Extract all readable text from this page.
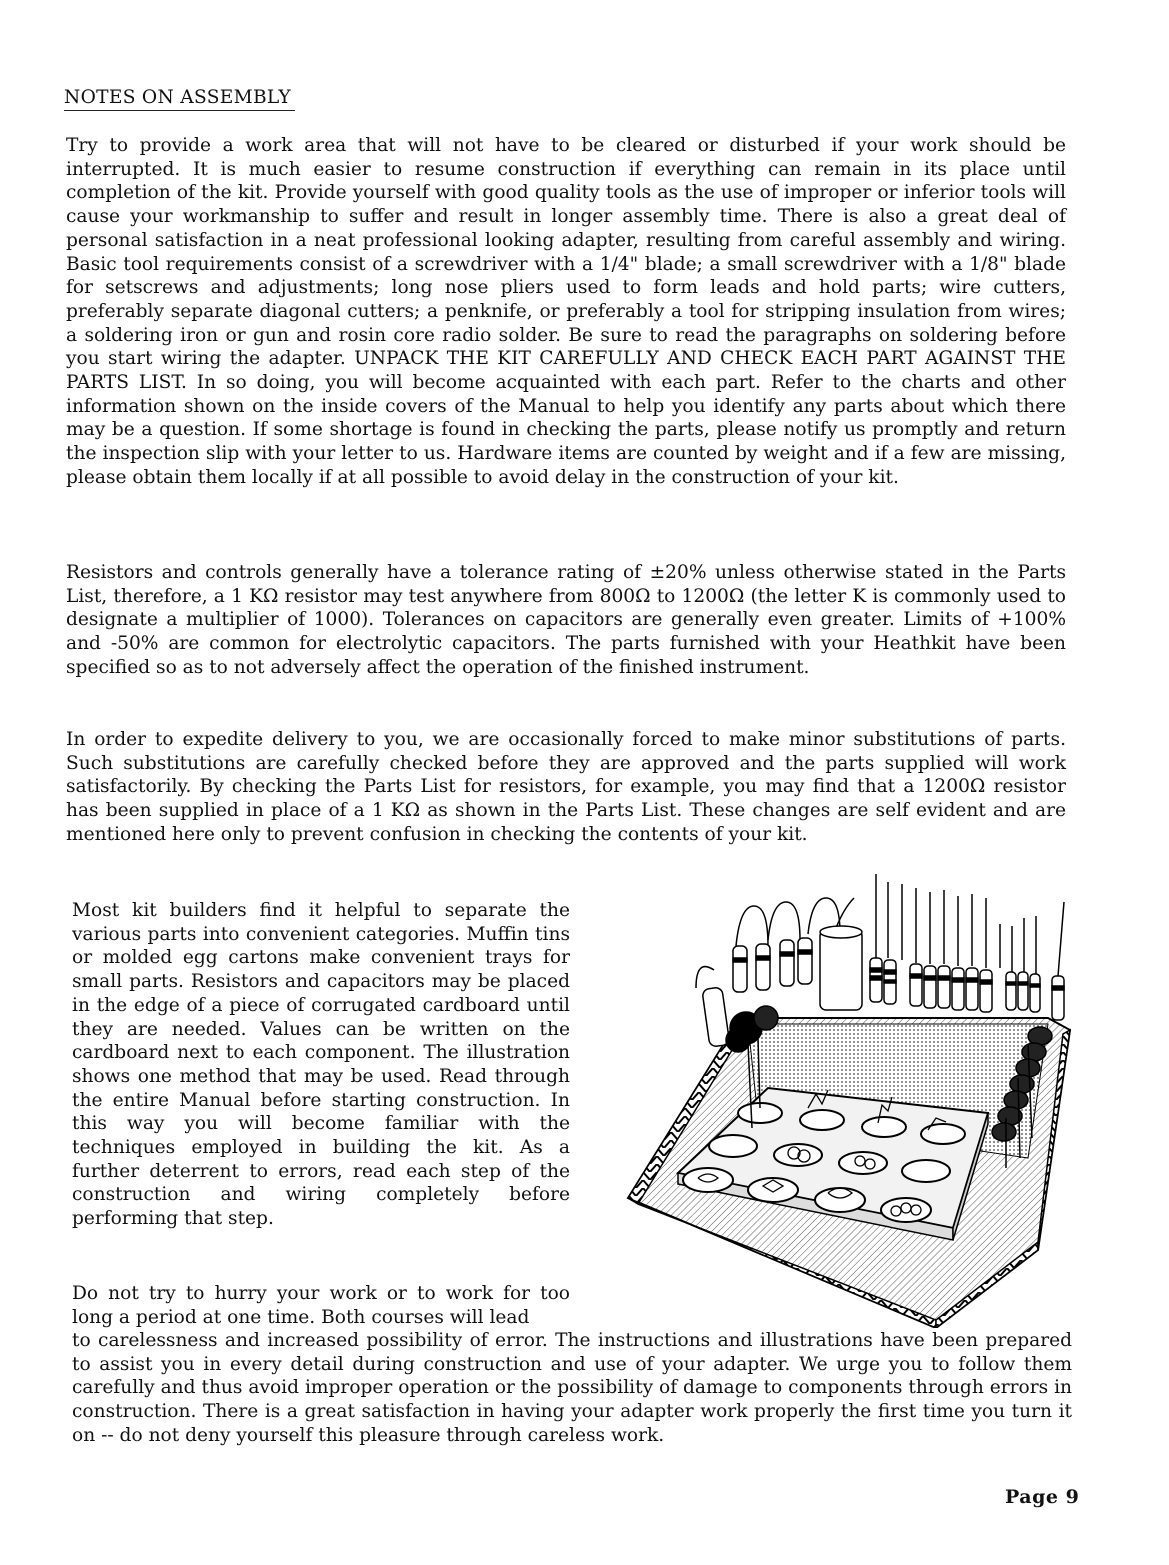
NOTES ON ASSEMBLY

Try to provide a work area that will not have to be cleared or disturbed if your work should be interrupted. It is much easier to resume construction if everything can remain in its place until completion of the kit. Provide yourself with good quality tools as the use of improper or inferior tools will cause your workmanship to suffer and result in longer assembly time. There is also a great deal of personal satisfaction in a neat professional looking adapter, resulting from careful assembly and wiring. Basic tool requirements consist of a screwdriver with a 1/4" blade; a small screwdriver with a 1/8" blade for setscrews and adjustments; long nose pliers used to form leads and hold parts; wire cutters, preferably separate diagonal cutters; a penknife, or preferably a tool for stripping insulation from wires; a soldering iron or gun and rosin core radio solder. Be sure to read the paragraphs on soldering before you start wiring the adapter. UNPACK THE KIT CAREFULLY AND CHECK EACH PART AGAINST THE PARTS LIST. In so doing, you will become acquainted with each part. Refer to the charts and other information shown on the inside covers of the Manual to help you identify any parts about which there may be a question. If some shortage is found in checking the parts, please notify us promptly and return the inspection slip with your letter to us. Hardware items are counted by weight and if a few are missing, please obtain them locally if at all possible to avoid delay in the construction of your kit.

Resistors and controls generally have a tolerance rating of ±20% unless otherwise stated in the Parts List, therefore, a 1 KΩ resistor may test anywhere from 800Ω to 1200Ω (the letter K is commonly used to designate a multiplier of 1000). Tolerances on capacitors are generally even greater. Limits of +100% and -50% are common for electrolytic capacitors. The parts furnished with your Heathkit have been specified so as to not adversely affect the operation of the finished instrument.

In order to expedite delivery to you, we are occasionally forced to make minor substitutions of parts. Such substitutions are carefully checked before they are approved and the parts supplied will work satisfactorily. By checking the Parts List for resistors, for example, you may find that a 1200Ω resistor has been supplied in place of a 1 KΩ as shown in the Parts List. These changes are self evident and are mentioned here only to prevent confusion in checking the contents of your kit.

Most kit builders find it helpful to separate the various parts into convenient categories. Muffin tins or molded egg cartons make convenient trays for small parts. Resistors and capacitors may be placed in the edge of a piece of corrugated cardboard until they are needed. Values can be written on the cardboard next to each component. The illustration shows one method that may be used. Read through the entire Manual before starting construction. In this way you will become familiar with the techniques employed in building the kit. As a further deterrent to errors, read each step of the construction and wiring completely before performing that step.

Do not try to hurry your work or to work for too long a period at one time. Both courses will lead

to carelessness and increased possibility of error. The instructions and illustrations have been prepared to assist you in every detail during construction and use of your adapter. We urge you to follow them carefully and thus avoid improper operation or the possibility of damage to components through errors in construction. There is a great satisfaction in having your adapter work properly the first time you turn it on -- do not deny yourself this pleasure through careless work.

Page 9
